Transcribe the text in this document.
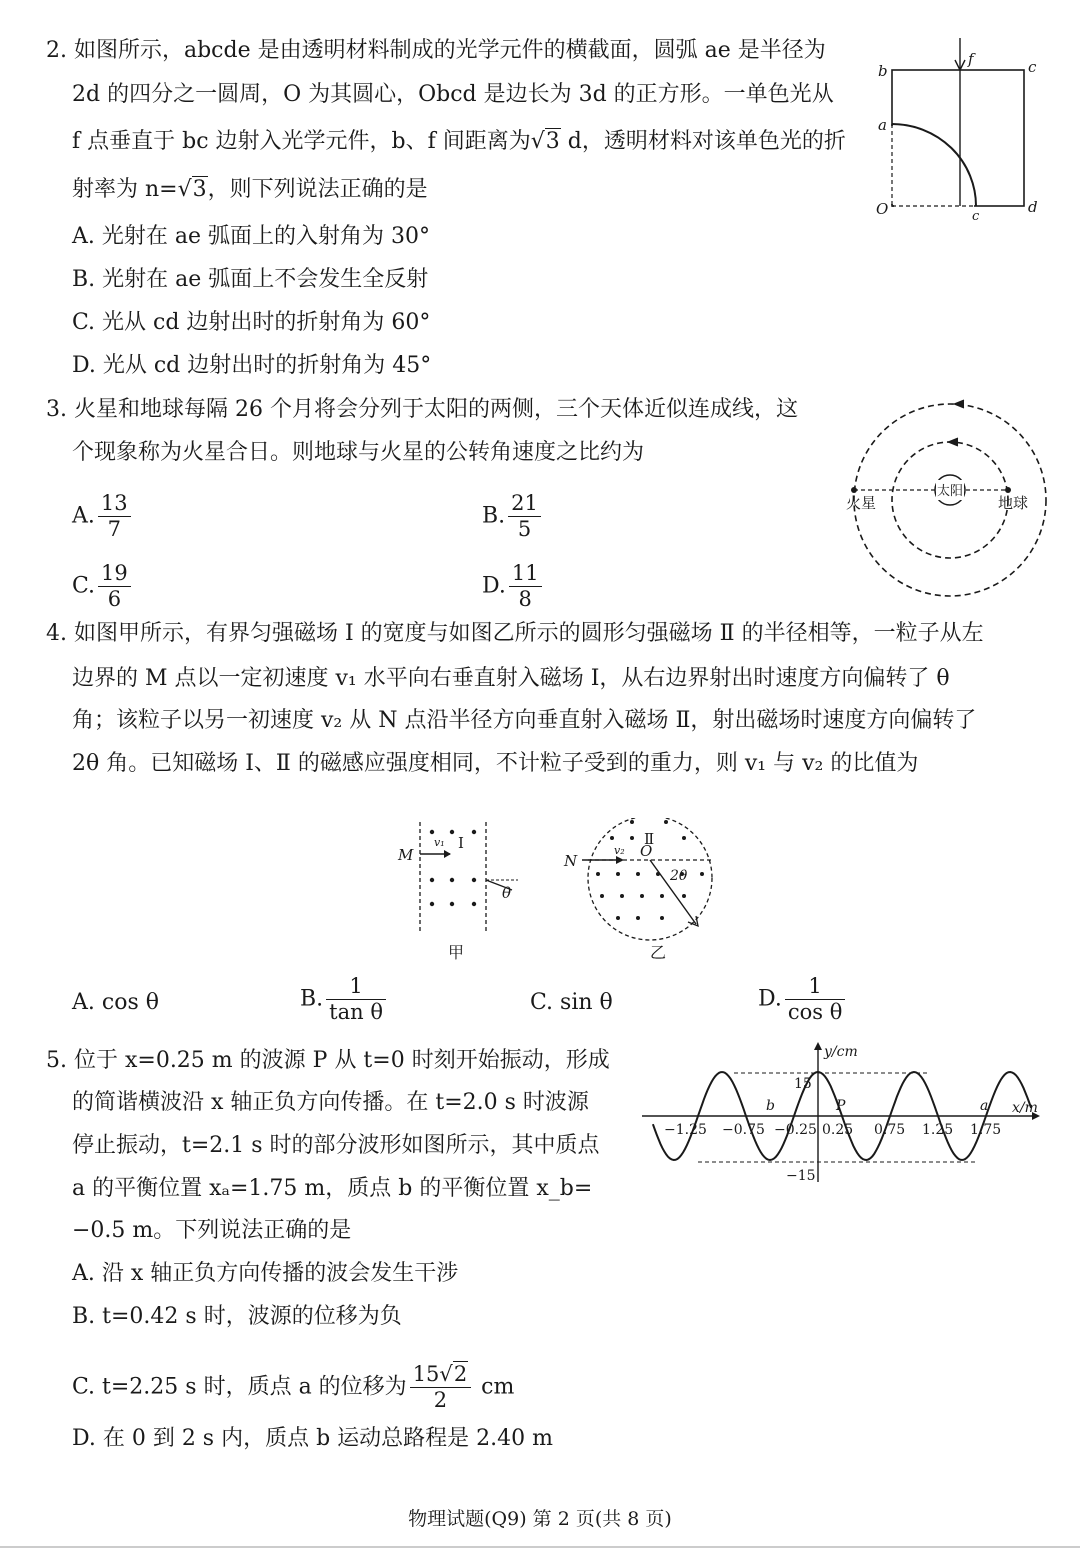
2. 如图所示，abcde 是由透明材料制成的光学元件的横截面，圆弧 ae 是半径为
2d 的四分之一圆周，O 为其圆心，Obcd 是边长为 3d 的正方形。一单色光从
f 点垂直于 bc 边射入光学元件，b、f 间距离为√3 d，透明材料对该单色光的折
射率为 n=√3，则下列说法正确的是
A. 光射在 ae 弧面上的入射角为 30°
B. 光射在 ae 弧面上不会发生全反射
C. 光从 cd 边射出时的折射角为 60°
D. 光从 cd 边射出时的折射角为 45°
b	c
f
a
O	c
d
3. 火星和地球每隔 26 个月将会分列于太阳的两侧，三个天体近似连成线，这
个现象称为火星合日。则地球与火星的公转角速度之比约为
A. $\frac{13}{7}$	B. $\frac{21}{5}$
C. $\frac{19}{6}$	D. $\frac{11}{8}$
太阳
火星	地球
4. 如图甲所示，有界匀强磁场 Ⅰ 的宽度与如图乙所示的圆形匀强磁场 Ⅱ 的半径相等，一粒子从左
边界的 M 点以一定初速度 v₁ 水平向右垂直射入磁场 Ⅰ，从右边界射出时速度方向偏转了 θ
角；该粒子以另一初速度 v₂ 从 N 点沿半径方向垂直射入磁场 Ⅱ，射出磁场时速度方向偏转了
2θ 角。已知磁场 Ⅰ、Ⅱ 的磁感应强度相同，不计粒子受到的重力，则 v₁ 与 v₂ 的比值为
M
v₁ Ⅰ
θ
甲
N
v₂ O
Ⅱ
2θ
乙
A. cos θ	B. $\frac{1}{\text{tan θ}}$	C. sin θ	D. $\frac{1}{\text{cos θ}}$
5. 位于 x=0.25 m 的波源 P 从 t=0 时刻开始振动，形成
的简谐横波沿 x 轴正负方向传播。在 t=2.0 s 时波源
停止振动，t=2.1 s 时的部分波形如图所示，其中质点
a 的平衡位置 xₐ=1.75 m，质点 b 的平衡位置 x_b=
−0.5 m。下列说法正确的是
A. 沿 x 轴正负方向传播的波会发生干涉
B. t=0.42 s 时，波源的位移为负
C. t=2.25 s 时，质点 a 的位移为 $\frac{15√2}{2}$ cm
D. 在 0 到 2 s 内，质点 b 运动总路程是 2.40 m
y/cm
x/m
15
−15
−1.25 −0.75 −0.25 0.25 0.75 1.25 1.75
b	P	a
物理试题(Q9) 第 2 页(共 8 页)
